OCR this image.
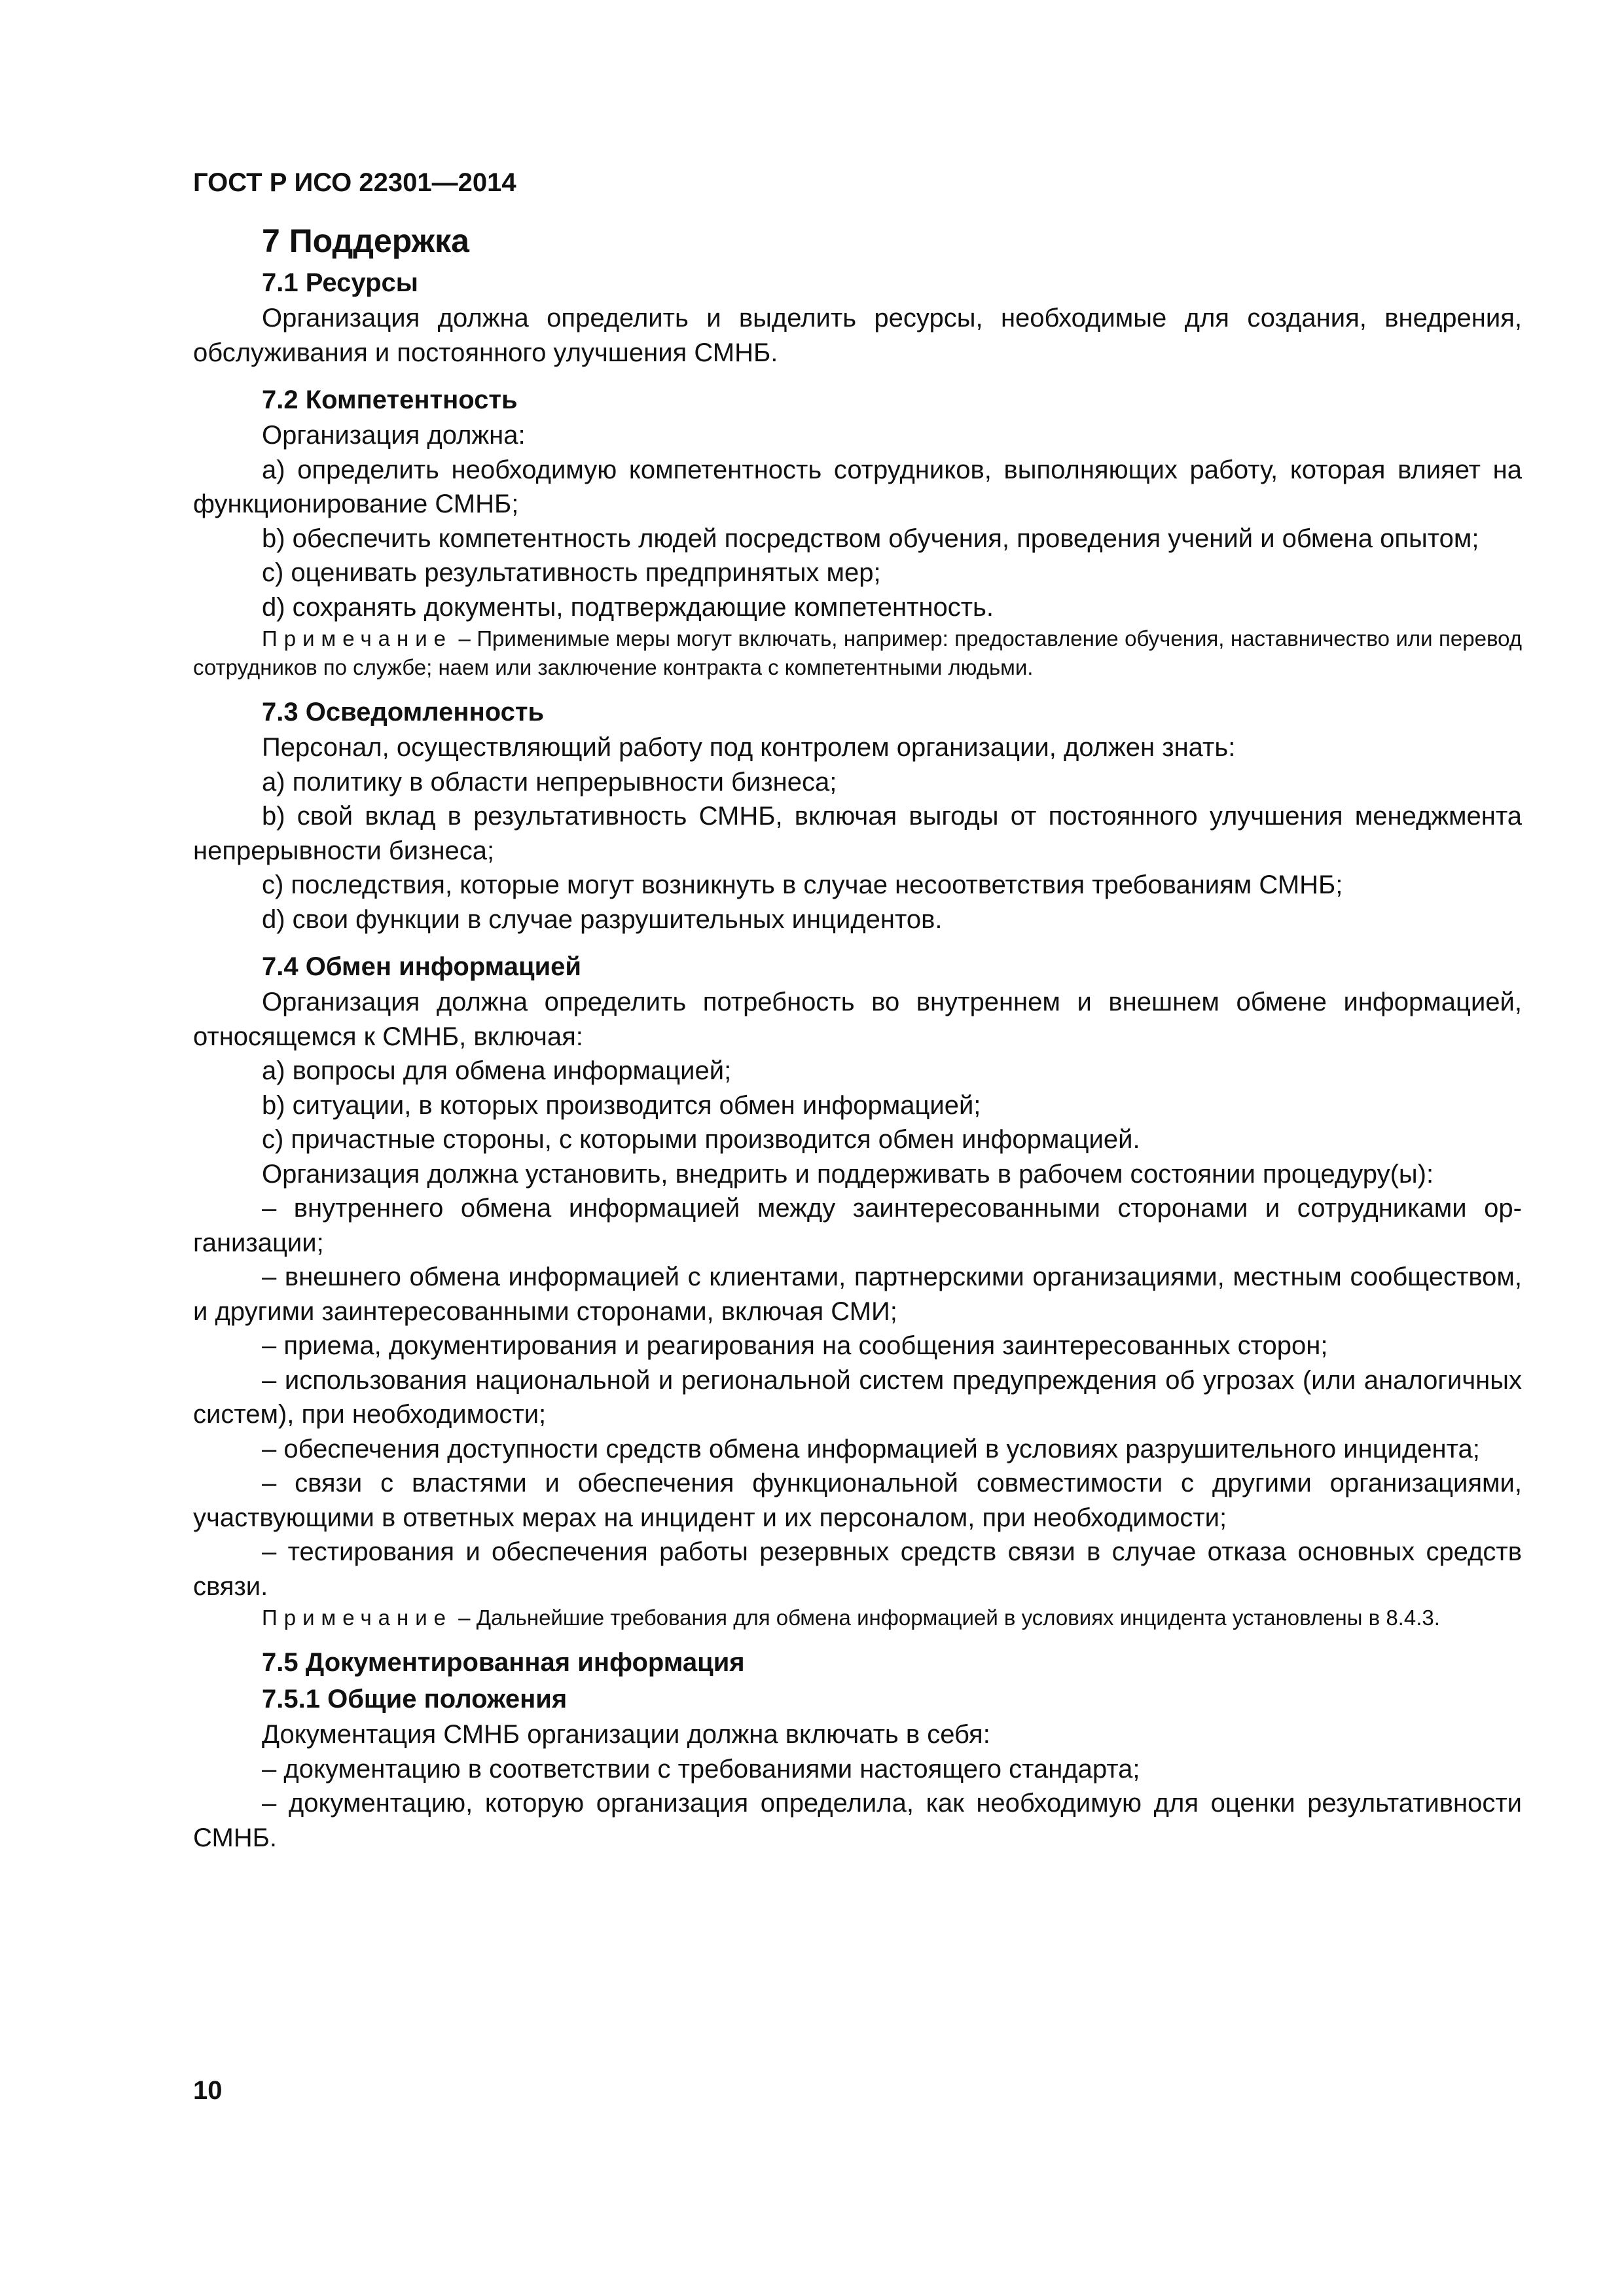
ГОСТ Р ИСО 22301—2014

7 Поддержка

7.1 Ресурсы

Организация должна определить и выделить ресурсы, необходимые для создания, внедрения, обслуживания и постоянного улучшения СМНБ.

7.2 Компетентность

Организация должна:

а) определить необходимую компетентность сотрудников, выполняющих работу, которая влияет на функционирование СМНБ;

b) обеспечить компетентность людей посредством обучения, проведения учений и обмена опытом;

c) оценивать результативность предпринятых мер;

d) сохранять документы, подтверждающие компетентность.

Примечание – Применимые меры могут включать, например: предоставление обучения, наставничество или перевод сотрудников по службе; наем или заключение контракта с компетентными людьми.

7.3 Осведомленность

Персонал, осуществляющий работу под контролем организации, должен знать:

а) политику в области непрерывности бизнеса;

b) свой вклад в результативность СМНБ, включая выгоды от постоянного улучшения менеджмента непрерывности бизнеса;

c) последствия, которые могут возникнуть в случае несоответствия требованиям СМНБ;

d) свои функции в случае разрушительных инцидентов.

7.4 Обмен информацией

Организация должна определить потребность во внутреннем и внешнем обмене информацией, относящемся к СМНБ, включая:

а) вопросы для обмена информацией;

b) ситуации, в которых производится обмен информацией;

c) причастные стороны, с которыми производится обмен информацией.

Организация должна установить, внедрить и поддерживать в рабочем состоянии процедуру(ы):

– внутреннего обмена информацией между заинтересованными сторонами и сотрудниками организации;

– внешнего обмена информацией с клиентами, партнерскими организациями, местным сообществом, и другими заинтересованными сторонами, включая СМИ;

– приема, документирования и реагирования на сообщения заинтересованных сторон;

– использования национальной и региональной систем предупреждения об угрозах (или аналогичных систем), при необходимости;

– обеспечения доступности средств обмена информацией в условиях разрушительного инцидента;

– связи с властями и обеспечения функциональной совместимости с другими организациями, участвующими в ответных мерах на инцидент и их персоналом, при необходимости;

– тестирования и обеспечения работы резервных средств связи в случае отказа основных средств связи.

Примечание – Дальнейшие требования для обмена информацией в условиях инцидента установлены в 8.4.3.

7.5 Документированная информация

7.5.1 Общие положения

Документация СМНБ организации должна включать в себя:

– документацию в соответствии с требованиями настоящего стандарта;

– документацию, которую организация определила, как необходимую для оценки результативности СМНБ.

10
